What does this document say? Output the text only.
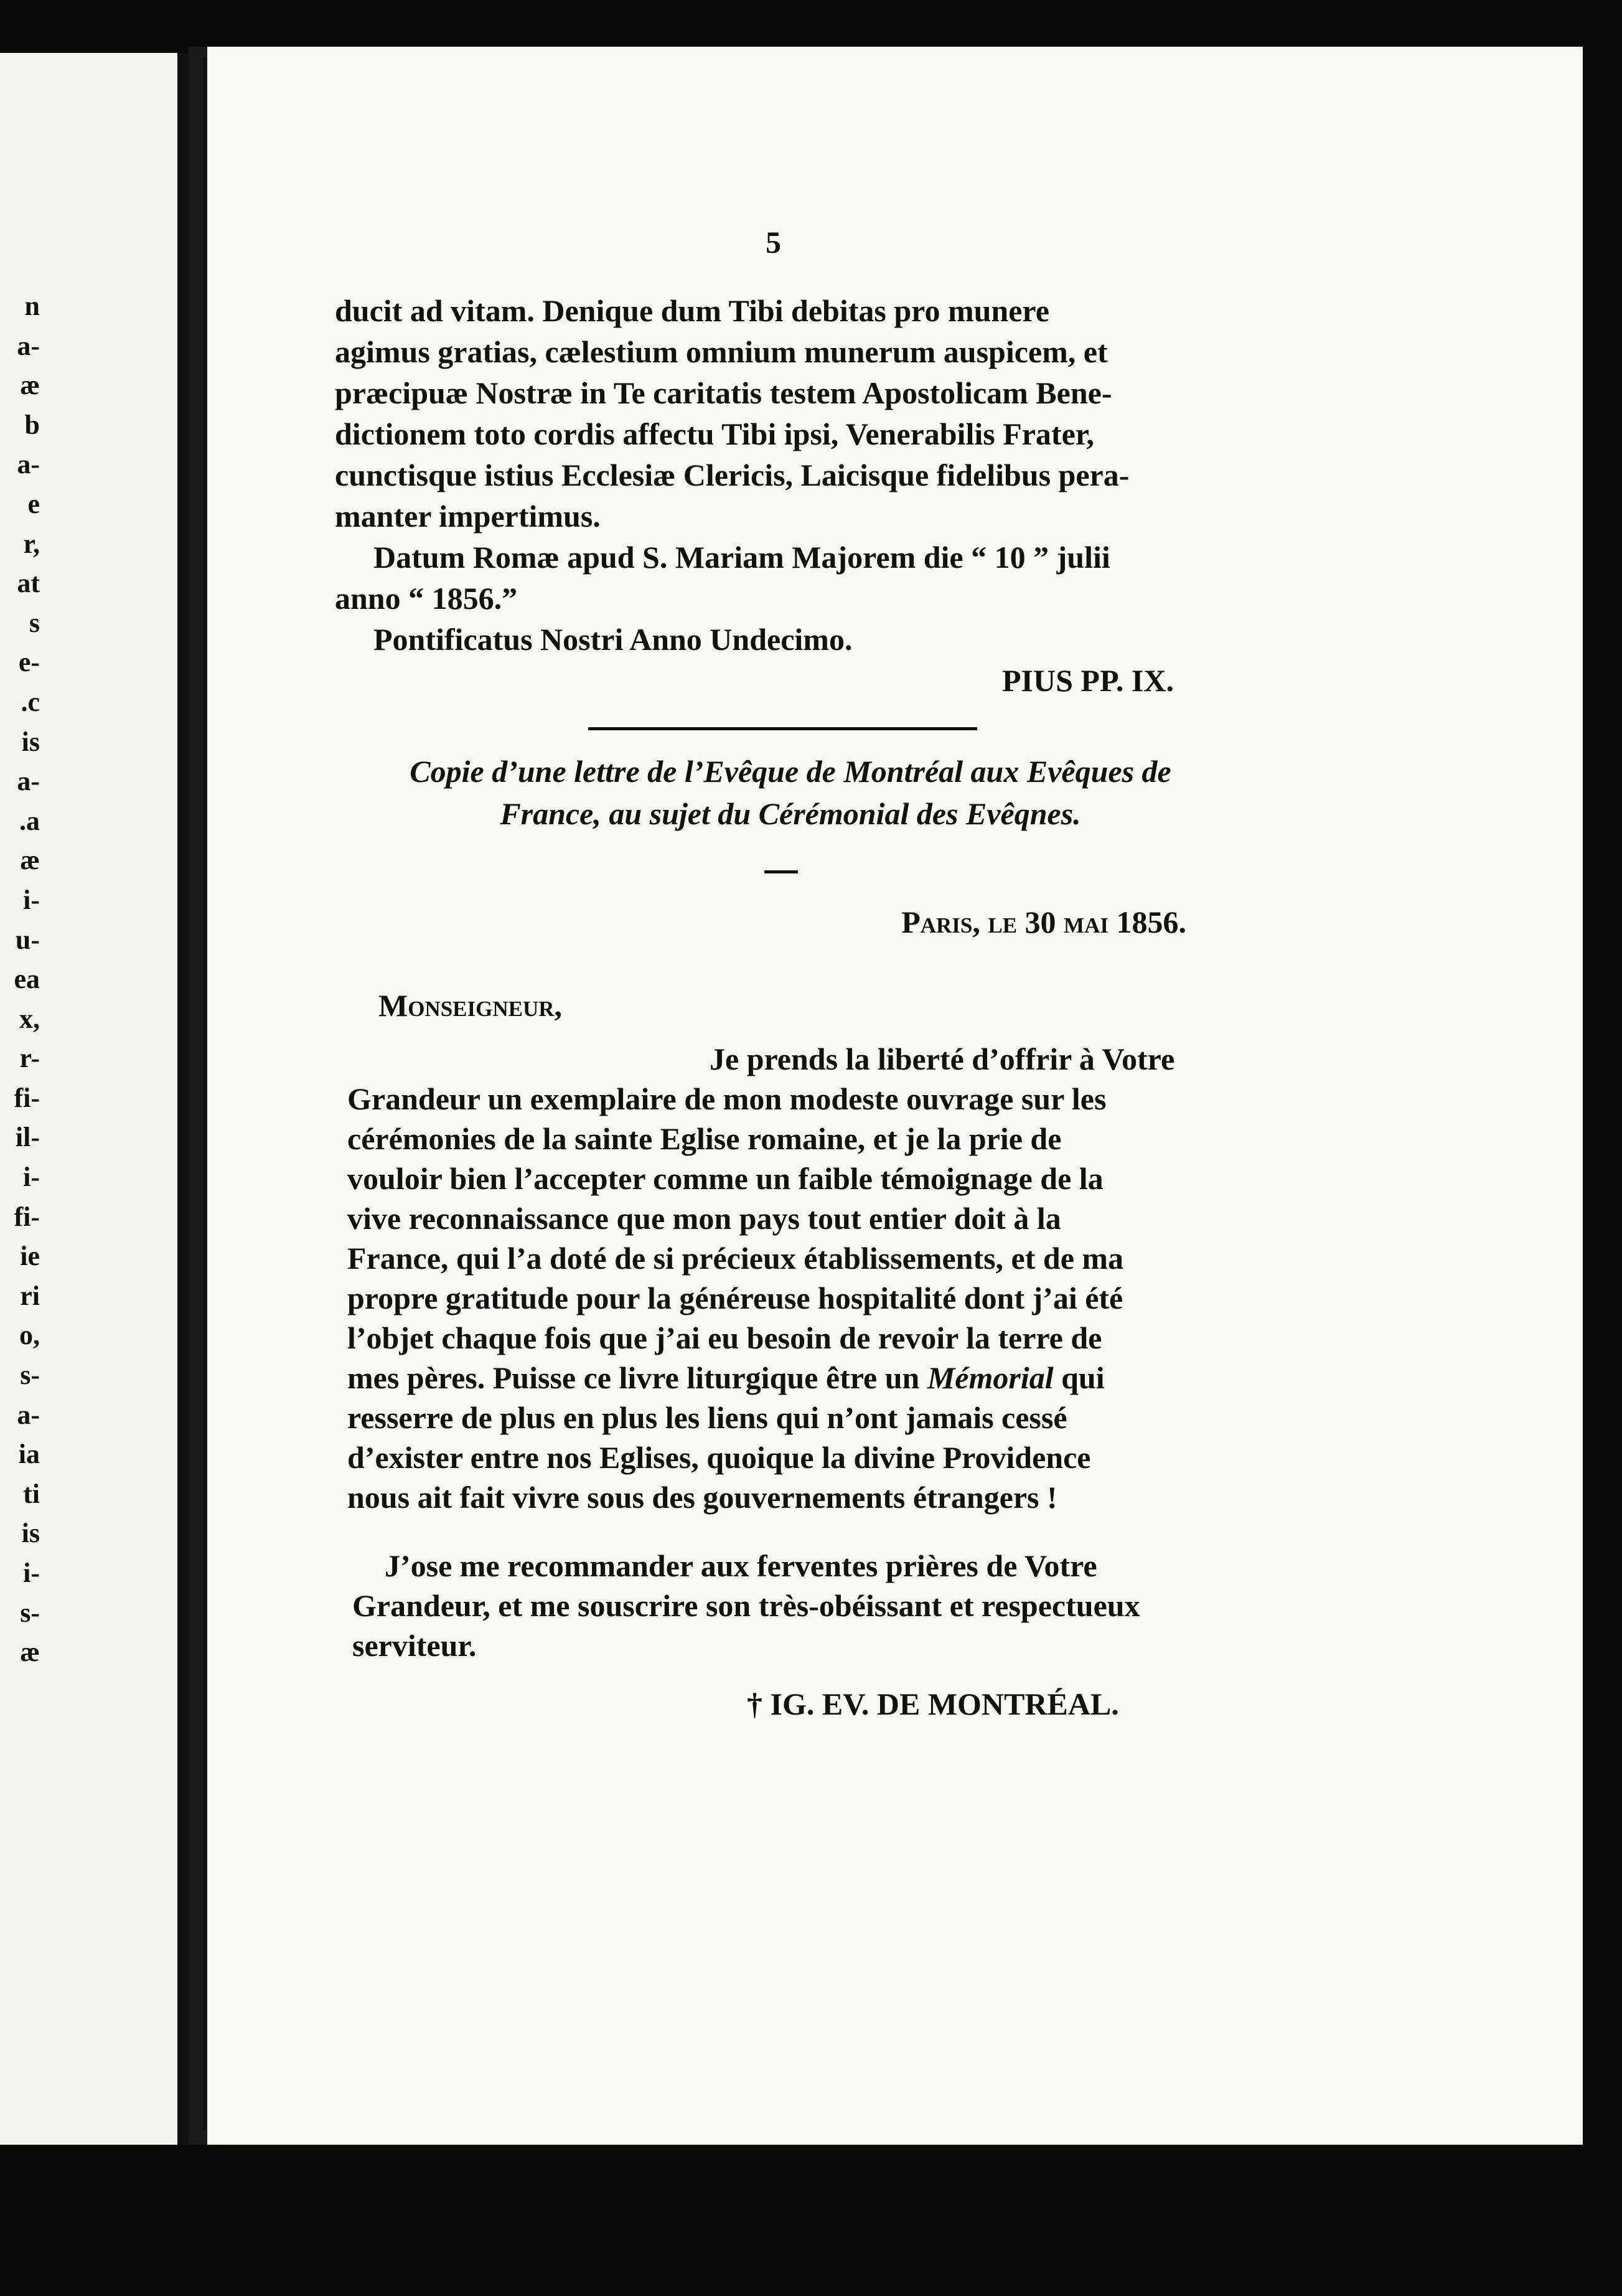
n
a-
æ
b
a-
e
r,
at
s
e-
.c
is
a-
.a
æ
i-
u-
ea
x,
r-
fi-
il-
i-
fi-
ie
ri
o,
s-
a-
ia
ti
is
i-
s-
æ
5
ducit ad vitam. Denique dum Tibi debitas pro munere
agimus gratias, cælestium omnium munerum auspicem, et
præcipuæ Nostræ in Te caritatis testem Apostolicam Bene-
dictionem toto cordis affectu Tibi ipsi, Venerabilis Frater,
cunctisque istius Ecclesiæ Clericis, Laicisque fidelibus pera-
manter impertimus.
Datum Romæ apud S. Mariam Majorem die “ 10 ” julii
anno “ 1856.”
Pontificatus Nostri Anno Undecimo.
PIUS PP. IX.
Copie d’une lettre de l’Evêque de Montréal aux Evêques de
France, au sujet du Cérémonial des Evêqnes.
Paris, le 30 mai 1856.
Monseigneur,
Je prends la liberté d’offrir à Votre
Grandeur un exemplaire de mon modeste ouvrage sur les
cérémonies de la sainte Eglise romaine, et je la prie de
vouloir bien l’accepter comme un faible témoignage de la
vive reconnaissance que mon pays tout entier doit à la
France, qui l’a doté de si précieux établissements, et de ma
propre gratitude pour la généreuse hospitalité dont j’ai été
l’objet chaque fois que j’ai eu besoin de revoir la terre de
mes pères. Puisse ce livre liturgique être un Mémorial qui
resserre de plus en plus les liens qui n’ont jamais cessé
d’exister entre nos Eglises, quoique la divine Providence
nous ait fait vivre sous des gouvernements étrangers !
J’ose me recommander aux ferventes prières de Votre
Grandeur, et me souscrire son très-obéissant et respectueux
serviteur.
† IG. EV. DE MONTRÉAL.
